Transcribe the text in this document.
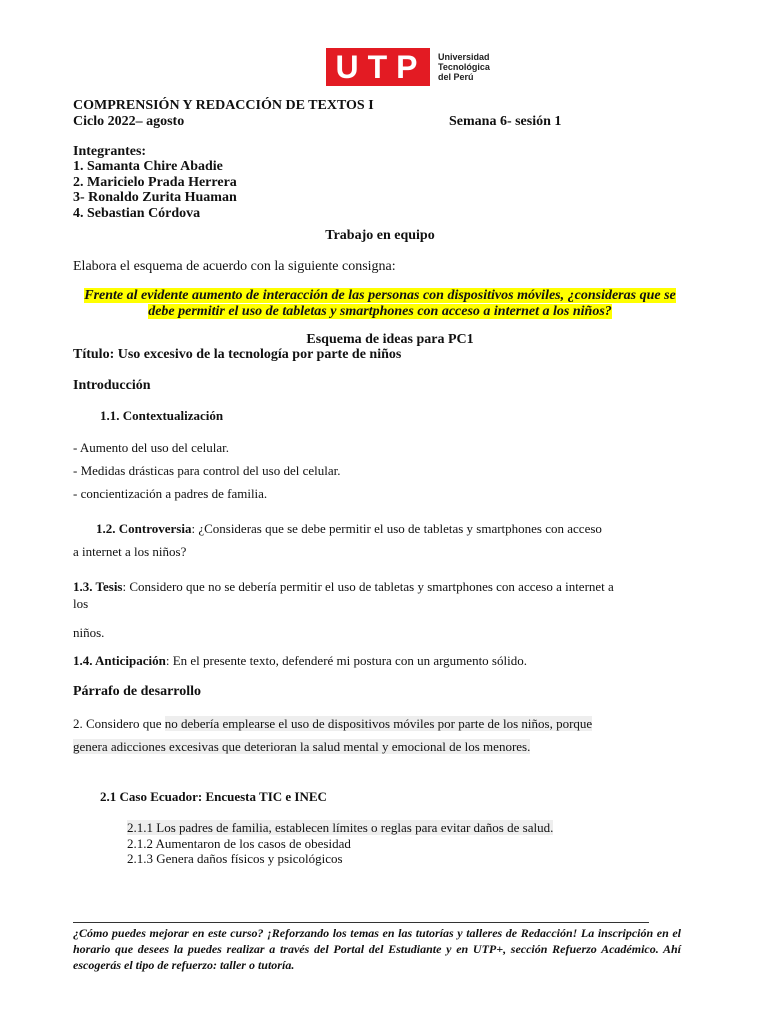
UTP	Universidad
Tecnológica
del Perú
COMPRENSIÓN Y REDACCIÓN DE TEXTOS I
Ciclo 2022– agosto	Semana 6- sesión 1
Integrantes:
1. Samanta Chire Abadie
2. Maricielo Prada Herrera
3- Ronaldo Zurita Huaman
4. Sebastian Córdova
Trabajo en equipo
Elabora el esquema de acuerdo con la siguiente consigna:
Frente al evidente aumento de interacción de las personas con dispositivos móviles, ¿consideras que se
debe permitir el uso de tabletas y smartphones con acceso a internet a los niños?
Esquema de ideas para PC1
Título: Uso excesivo de la tecnología por parte de niños
Introducción
1.1. Contextualización
- Aumento del uso del celular.
- Medidas drásticas para control del uso del celular.
- concientización a padres de familia.
1.2. Controversia: ¿Consideras que se debe permitir el uso de tabletas y smartphones con acceso
a internet a los niños?
1.3. Tesis: Considero que no se debería permitir el uso de tabletas y smartphones con acceso a internet a
los
niños.
1.4. Anticipación: En el presente texto, defenderé mi postura con un argumento sólido.
Párrafo de desarrollo
2. Considero que no debería emplearse el uso de dispositivos móviles por parte de los niños, porque
genera adicciones excesivas que deterioran la salud mental y emocional de los menores.
2.1 Caso Ecuador: Encuesta TIC e INEC
2.1.1 Los padres de familia, establecen límites o reglas para evitar daños de salud.
2.1.2 Aumentaron de los casos de obesidad
2.1.3 Genera daños físicos y psicológicos
¿Cómo puedes mejorar en este curso? ¡Reforzando los temas en las tutorías y talleres de Redacción! La inscripción en el horario que desees la puedes realizar a través del Portal del Estudiante y en UTP+, sección Refuerzo Académico. Ahí escogerás el tipo de refuerzo: taller o tutoría.
